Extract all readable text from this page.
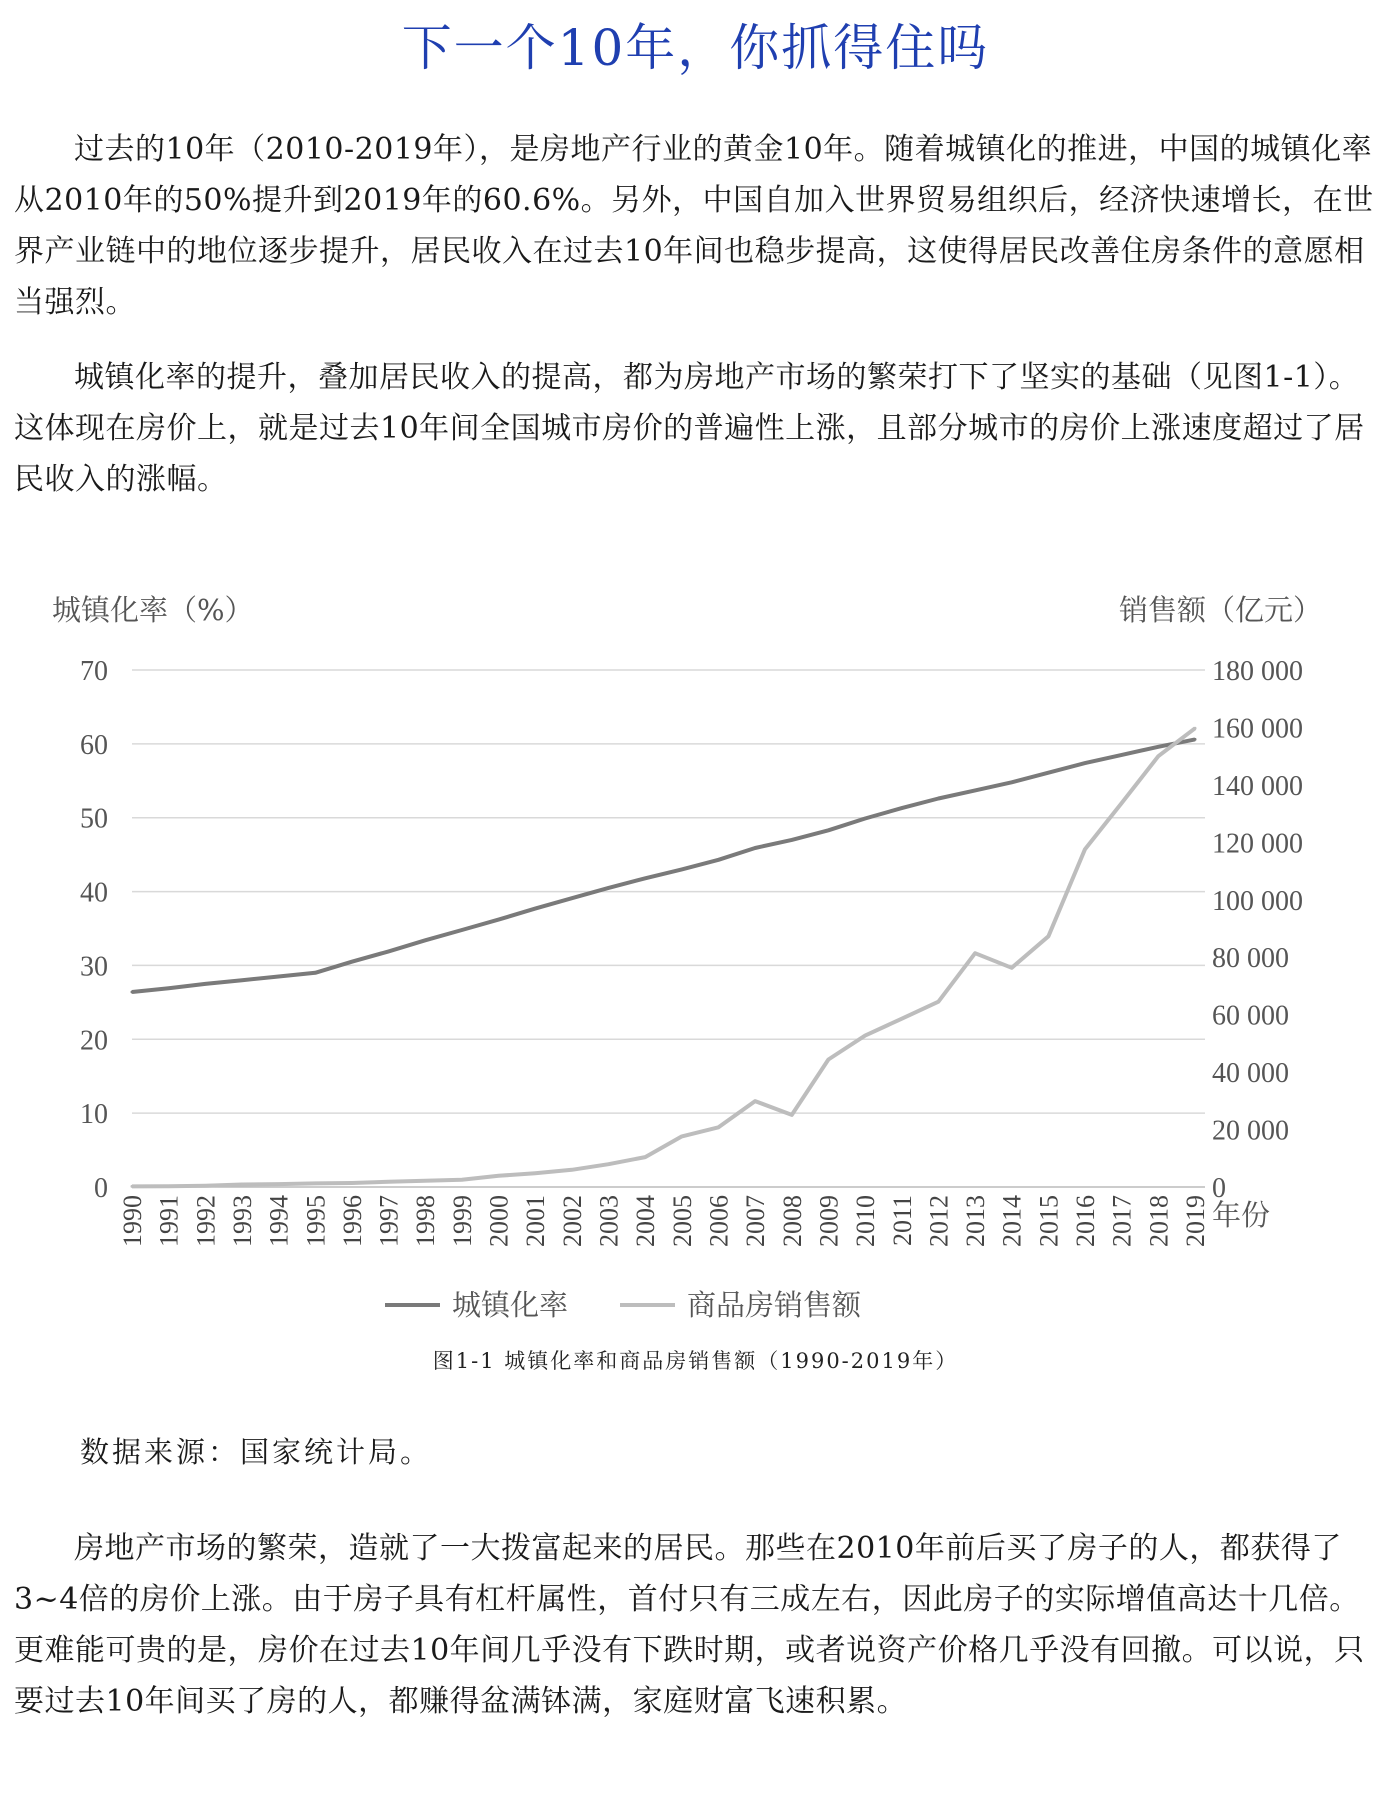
下一个10年，你抓得住吗

过去的10年（2010-2019年），是房地产行业的黄金10年。随着城镇化的推进，中国的城镇化率从2010年的50%提升到2019年的60.6%。另外，中国自加入世界贸易组织后，经济快速增长，在世界产业链中的地位逐步提升，居民收入在过去10年间也稳步提高，这使得居民改善住房条件的意愿相当强烈。

城镇化率的提升，叠加居民收入的提高，都为房地产市场的繁荣打下了坚实的基础（见图1-1）。这体现在房价上，就是过去10年间全国城市房价的普遍性上涨，且部分城市的房价上涨速度超过了居民收入的涨幅。

城镇化率（%）	销售额（亿元）
0
10
20
30
40
50
60
70
0
20 000
40 000
60 000
80 000
100 000
120 000
140 000
160 000
180 000
1990 1991 1992 1993 1994 1995 1996 1997 1998 1999 2000 2001 2002 2003 2004 2005 2006 2007 2008 2009 2010 2011 2012 2013 2014 2015 2016 2017 2018 2019 年份
城镇化率	商品房销售额
图1-1 城镇化率和商品房销售额（1990-2019年）
数据来源：国家统计局。

房地产市场的繁荣，造就了一大拨富起来的居民。那些在2010年前后买了房子的人，都获得了3~4倍的房价上涨。由于房子具有杠杆属性，首付只有三成左右，因此房子的实际增值高达十几倍。更难能可贵的是，房价在过去10年间几乎没有下跌时期，或者说资产价格几乎没有回撤。可以说，只要过去10年间买了房的人，都赚得盆满钵满，家庭财富飞速积累。
